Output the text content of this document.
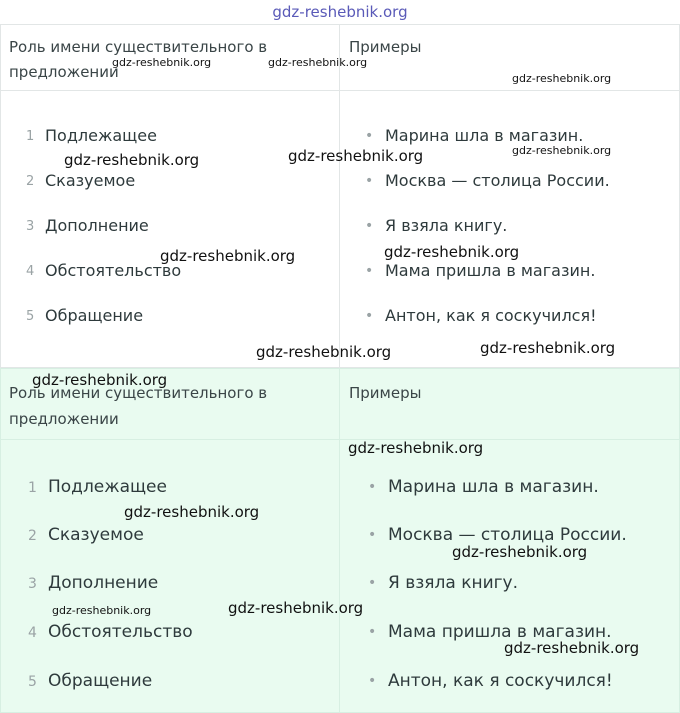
gdz-reshebnik.org
Роль имени существительного в предложении
Примеры
1 Подлежащее	• Марина шла в магазин.
2 Сказуемое	• Москва — столица России.
3 Дополнение	• Я взяла книгу.
4 Обстоятельство	• Мама пришла в магазин.
5 Обращение	• Антон, как я соскучился!
Роль имени существительного в предложении
Примеры
1 Подлежащее	• Марина шла в магазин.
2 Сказуемое	• Москва — столица России.
3 Дополнение	• Я взяла книгу.
4 Обстоятельство	• Мама пришла в магазин.
5 Обращение	• Антон, как я соскучился!
gdz-reshebnik.org	gdz-reshebnik.org
gdz-reshebnik.org
gdz-reshebnik.org
gdz-reshebnik.org	gdz-reshebnik.org
gdz-reshebnik.org
gdz-reshebnik.org
gdz-reshebnik.org	gdz-reshebnik.org
gdz-reshebnik.org
gdz-reshebnik.org
gdz-reshebnik.org
gdz-reshebnik.org
gdz-reshebnik.org	gdz-reshebnik.org
gdz-reshebnik.org
